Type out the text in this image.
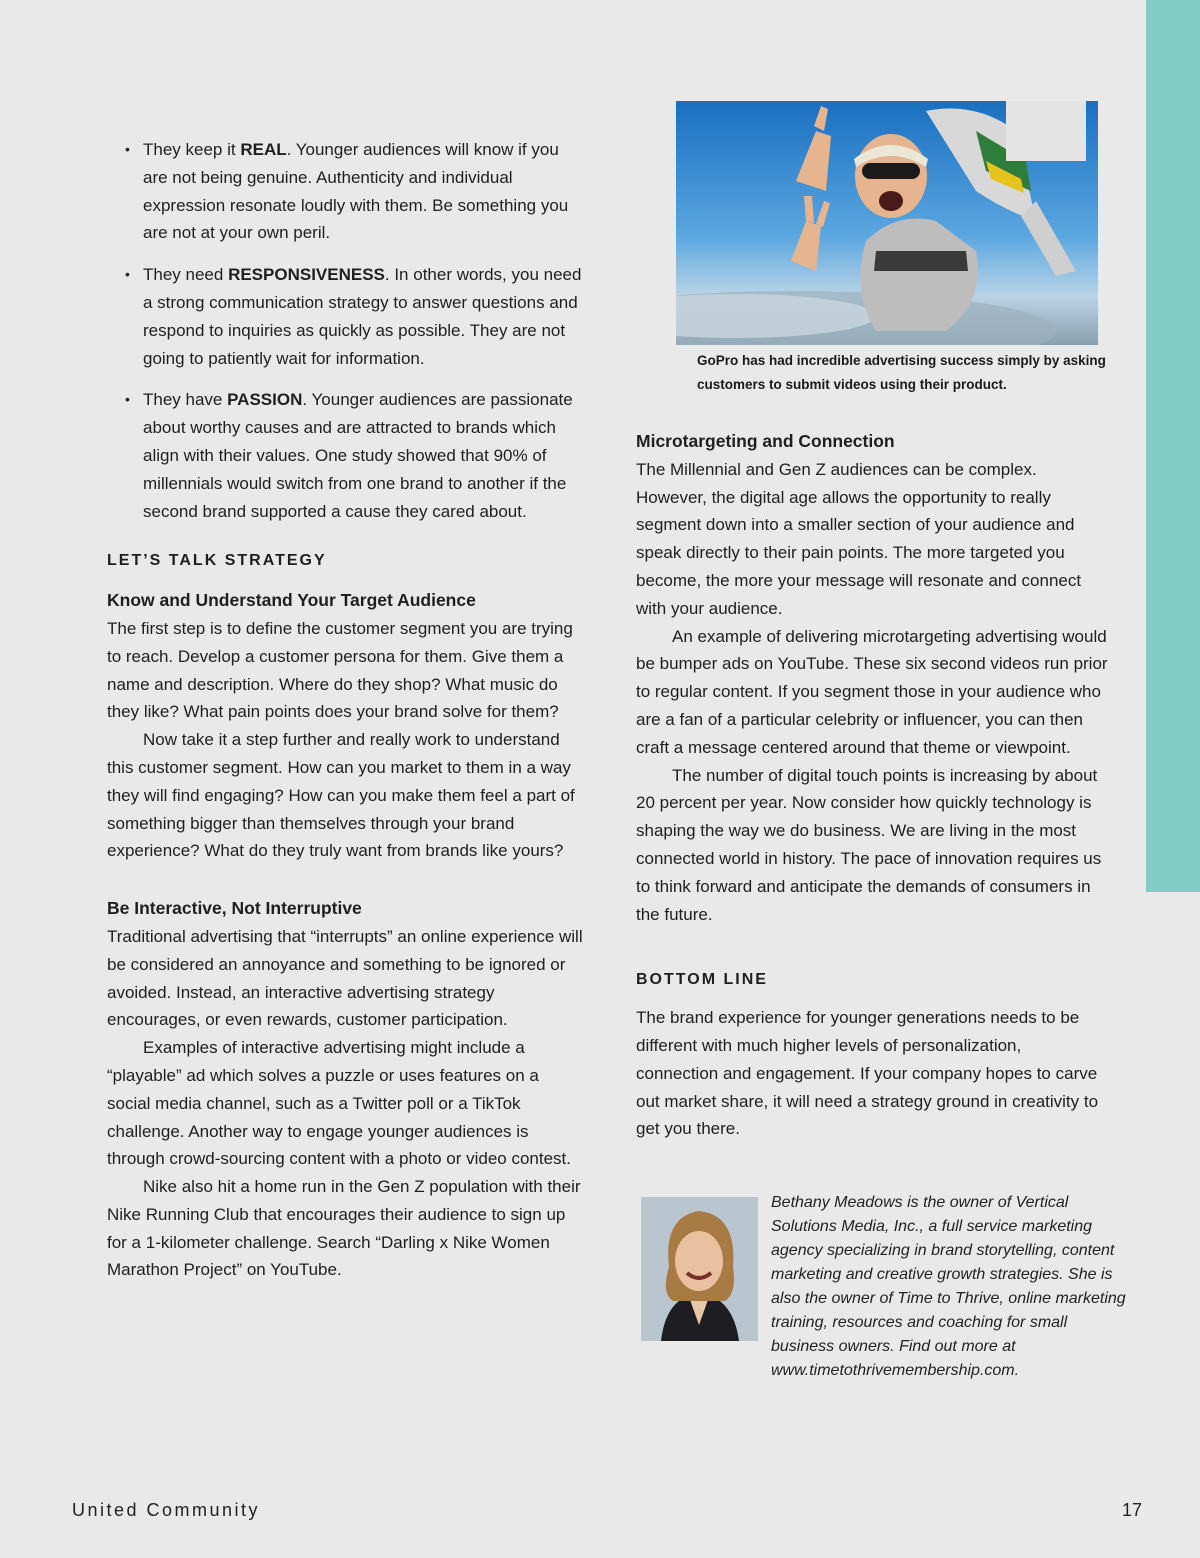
• They keep it REAL. Younger audiences will know if you are not being genuine. Authenticity and individual expression resonate loudly with them. Be something you are not at your own peril.
• They need RESPONSIVENESS. In other words, you need a strong communication strategy to answer questions and respond to inquiries as quickly as possible. They are not going to patiently wait for information.
• They have PASSION. Younger audiences are passionate about worthy causes and are attracted to brands which align with their values. One study showed that 90% of millennials would switch from one brand to another if the second brand supported a cause they cared about.
LET’S TALK STRATEGY
Know and Understand Your Target Audience

The first step is to define the customer segment you are trying to reach. Develop a customer persona for them. Give them a name and description. Where do they shop? What music do they like? What pain points does your brand solve for them?

Now take it a step further and really work to understand this customer segment. How can you market to them in a way they will find engaging? How can you make them feel a part of something bigger than themselves through your brand experience? What do they truly want from brands like yours?

Be Interactive, Not Interruptive

Traditional advertising that “interrupts” an online experience will be considered an annoyance and something to be ignored or avoided. Instead, an interactive advertising strategy encourages, or even rewards, customer participation.

Examples of interactive advertising might include a “playable” ad which solves a puzzle or uses features on a social media channel, such as a Twitter poll or a TikTok challenge. Another way to engage younger audiences is through crowd-sourcing content with a photo or video contest.

Nike also hit a home run in the Gen Z population with their Nike Running Club that encourages their audience to sign up for a 1-kilometer challenge. Search “Darling x Nike Women Marathon Project” on YouTube.

GoPro has had incredible advertising success simply by asking customers to submit videos using their product.
Microtargeting and Connection

The Millennial and Gen Z audiences can be complex. However, the digital age allows the opportunity to really segment down into a smaller section of your audience and speak directly to their pain points. The more targeted you become, the more your message will resonate and connect with your audience.

An example of delivering microtargeting advertising would be bumper ads on YouTube. These six second videos run prior to regular content. If you segment those in your audience who are a fan of a particular celebrity or influencer, you can then craft a message centered around that theme or viewpoint.

The number of digital touch points is increasing by about 20 percent per year. Now consider how quickly technology is shaping the way we do business. We are living in the most connected world in history. The pace of innovation requires us to think forward and anticipate the demands of consumers in the future.

BOTTOM LINE

The brand experience for younger generations needs to be different with much higher levels of personalization, connection and engagement. If your company hopes to carve out market share, it will need a strategy ground in creativity to get you there.

Bethany Meadows is the owner of Vertical Solutions Media, Inc., a full service marketing agency specializing in brand storytelling, content marketing and creative growth strategies. She is also the owner of Time to Thrive, online marketing training, resources and coaching for small business owners. Find out more at www.timetothrivemembership.com.
United Community	17
